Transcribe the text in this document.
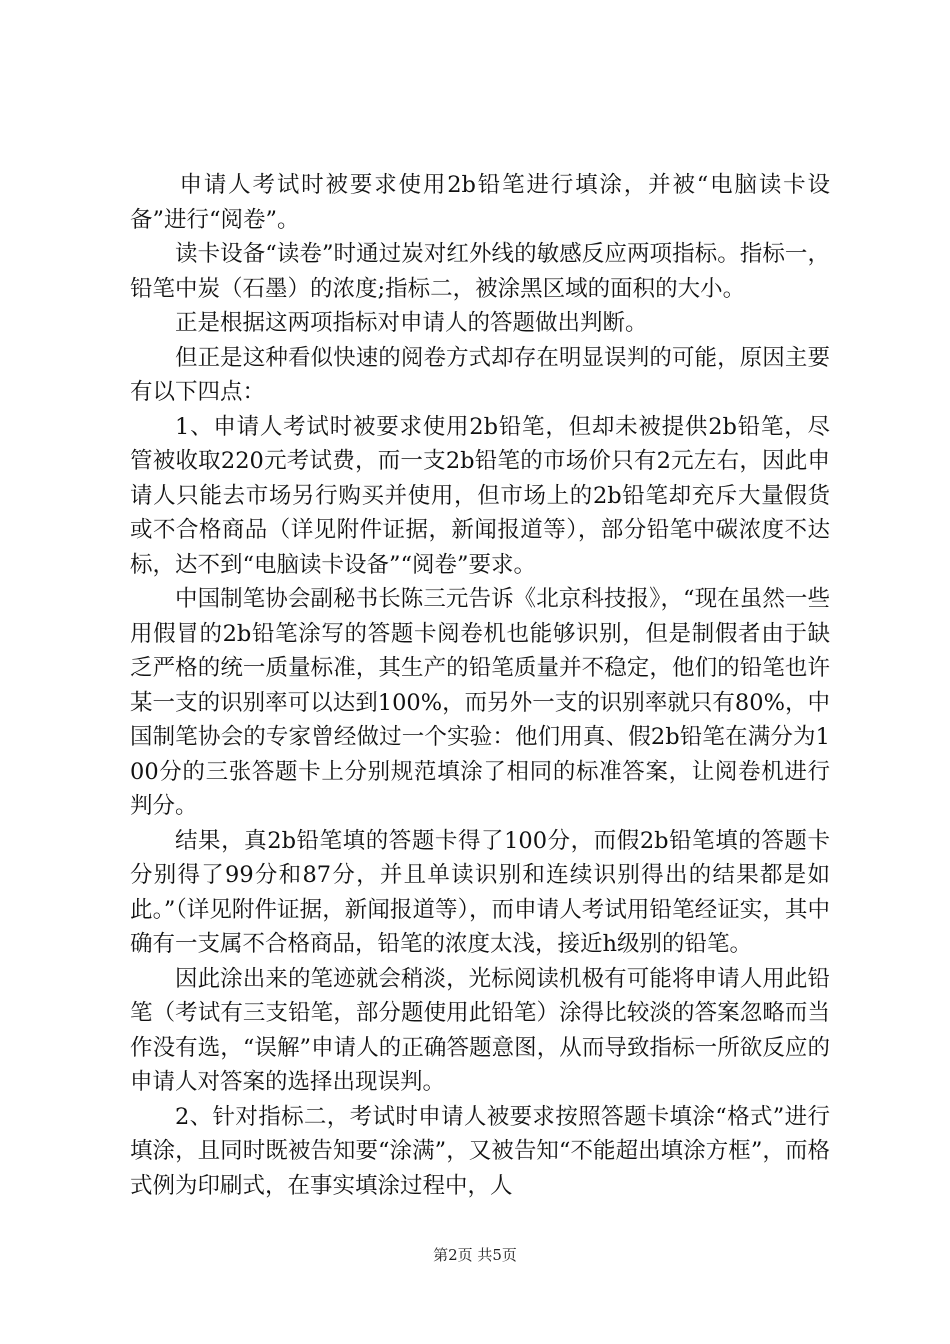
申请人考试时被要求使用2b铅笔进行填涂，并被“电脑读卡设备”进行“阅卷”。

读卡设备“读卷”时通过炭对红外线的敏感反应两项指标。指标一，铅笔中炭（石墨）的浓度;指标二，被涂黑区域的面积的大小。

正是根据这两项指标对申请人的答题做出判断。

但正是这种看似快速的阅卷方式却存在明显误判的可能，原因主要有以下四点：

1、申请人考试时被要求使用2b铅笔，但却未被提供2b铅笔，尽管被收取220元考试费，而一支2b铅笔的市场价只有2元左右，因此申请人只能去市场另行购买并使用，但市场上的2b铅笔却充斥大量假货或不合格商品（详见附件证据，新闻报道等），部分铅笔中碳浓度不达标，达不到“电脑读卡设备”“阅卷”要求。

中国制笔协会副秘书长陈三元告诉《北京科技报》，“现在虽然一些用假冒的2b铅笔涂写的答题卡阅卷机也能够识别，但是制假者由于缺乏严格的统一质量标准，其生产的铅笔质量并不稳定，他们的铅笔也许某一支的识别率可以达到100%，而另外一支的识别率就只有80%，中国制笔协会的专家曾经做过一个实验：他们用真、假2b铅笔在满分为100分的三张答题卡上分别规范填涂了相同的标准答案，让阅卷机进行判分。

结果，真2b铅笔填的答题卡得了100分，而假2b铅笔填的答题卡分别得了99分和87分，并且单读识别和连续识别得出的结果都是如此。”（详见附件证据，新闻报道等），而申请人考试用铅笔经证实，其中确有一支属不合格商品，铅笔的浓度太浅，接近h级别的铅笔。

因此涂出来的笔迹就会稍淡，光标阅读机极有可能将申请人用此铅笔（考试有三支铅笔，部分题使用此铅笔）涂得比较淡的答案忽略而当作没有选，“误解”申请人的正确答题意图，从而导致指标一所欲反应的申请人对答案的选择出现误判。

2、针对指标二，考试时申请人被要求按照答题卡填涂“格式”进行填涂，且同时既被告知要“涂满”，又被告知“不能超出填涂方框”，而格式例为印刷式，在事实填涂过程中，人

第2页 共5页
